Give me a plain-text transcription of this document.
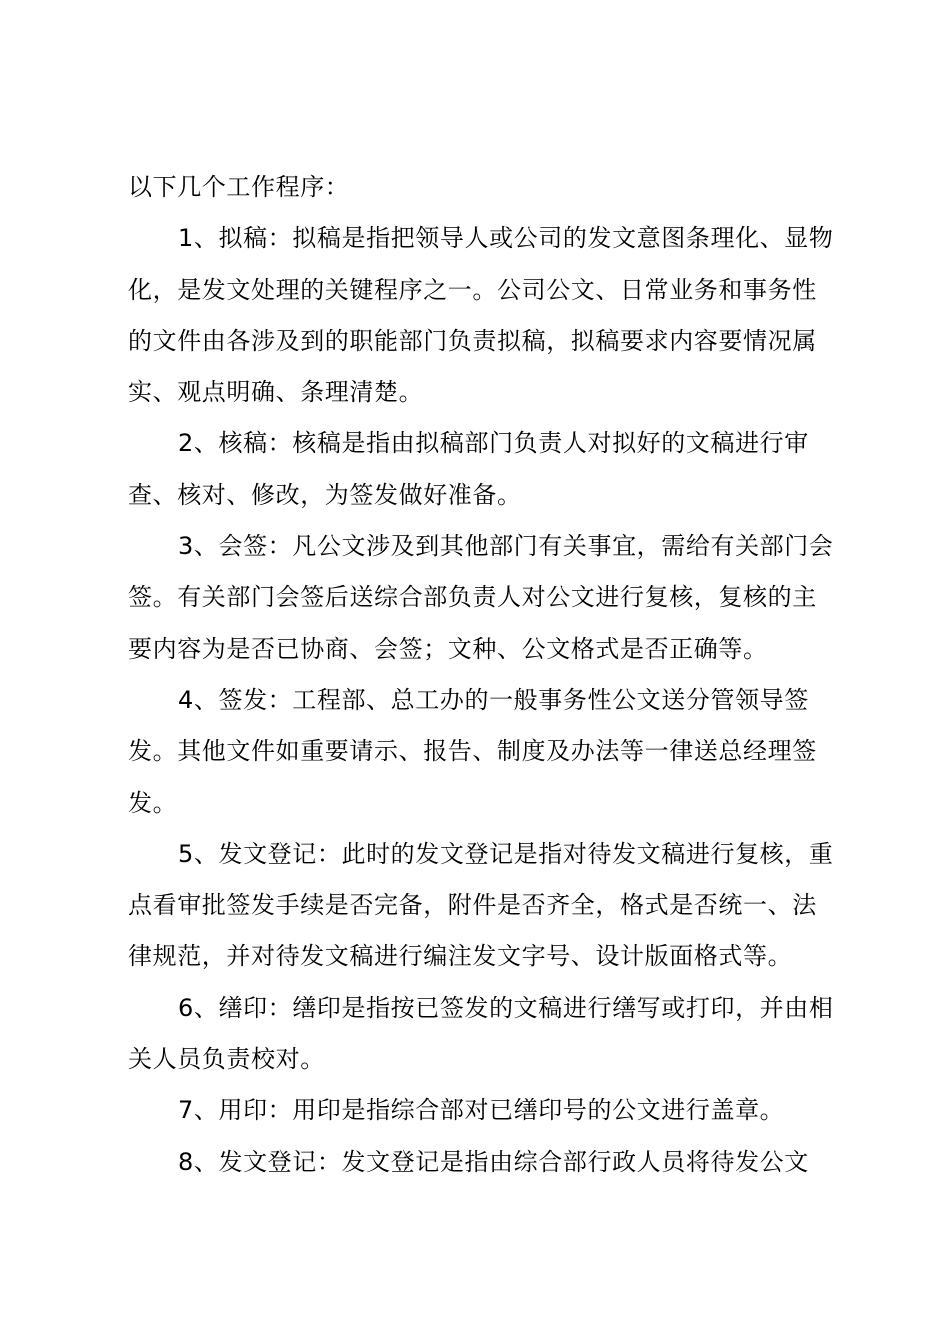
以下几个工作程序：

1、拟稿：拟稿是指把领导人或公司的发文意图条理化、显物化，是发文处理的关键程序之一。公司公文、日常业务和事务性的文件由各涉及到的职能部门负责拟稿，拟稿要求内容要情况属实、观点明确、条理清楚。

2、核稿：核稿是指由拟稿部门负责人对拟好的文稿进行审查、核对、修改，为签发做好准备。

3、会签：凡公文涉及到其他部门有关事宜，需给有关部门会签。有关部门会签后送综合部负责人对公文进行复核，复核的主要内容为是否已协商、会签；文种、公文格式是否正确等。

4、签发：工程部、总工办的一般事务性公文送分管领导签发。其他文件如重要请示、报告、制度及办法等一律送总经理签发。

5、发文登记：此时的发文登记是指对待发文稿进行复核，重点看审批签发手续是否完备，附件是否齐全，格式是否统一、法律规范，并对待发文稿进行编注发文字号、设计版面格式等。

6、缮印：缮印是指按已签发的文稿进行缮写或打印，并由相关人员负责校对。

7、用印：用印是指综合部对已缮印号的公文进行盖章。

8、发文登记：发文登记是指由综合部行政人员将待发公文
